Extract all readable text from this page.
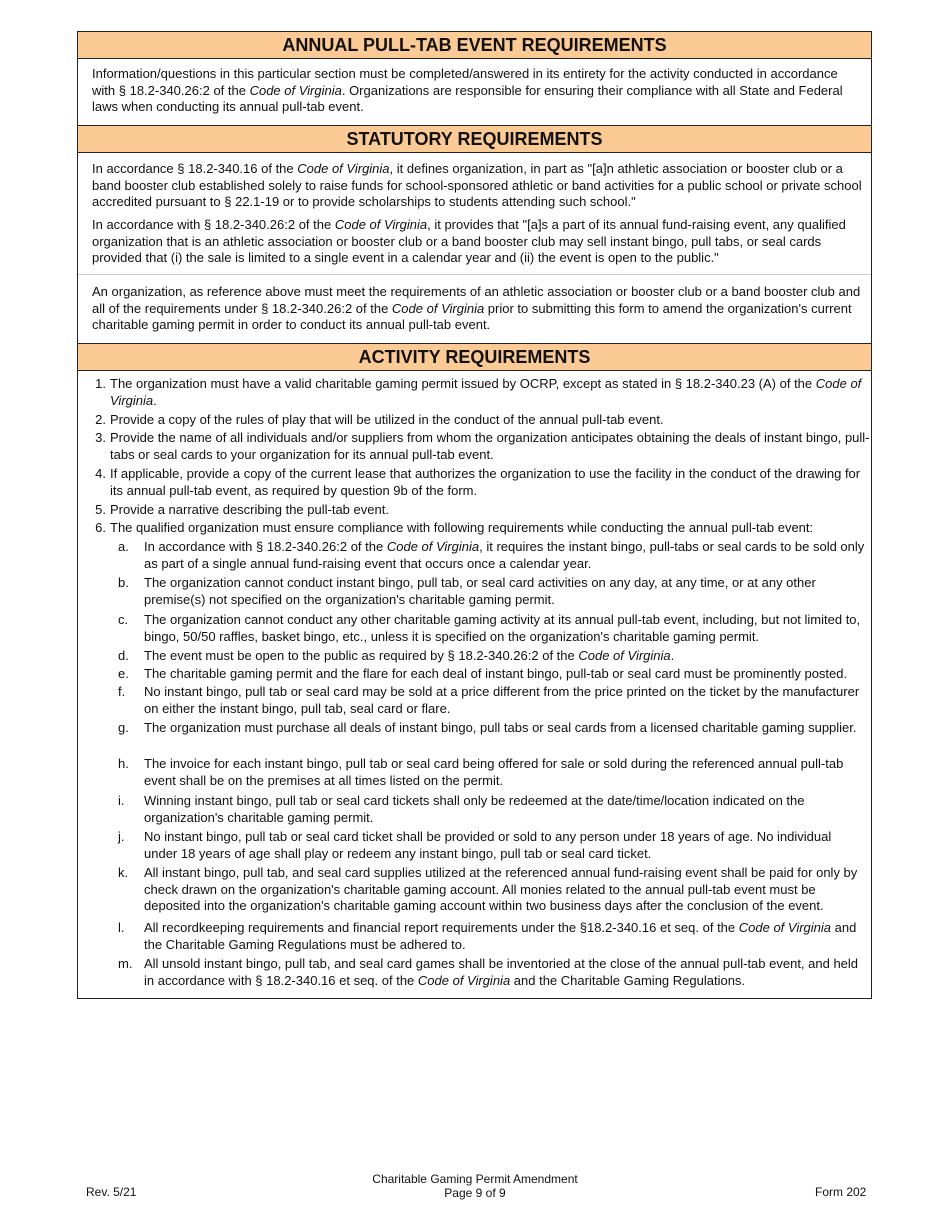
ANNUAL PULL-TAB EVENT REQUIREMENTS
Information/questions in this particular section must be completed/answered in its entirety for the activity conducted in accordance with § 18.2-340.26:2 of the Code of Virginia. Organizations are responsible for ensuring their compliance with all State and Federal laws when conducting its annual pull-tab event.
STATUTORY REQUIREMENTS
In accordance § 18.2-340.16 of the Code of Virginia, it defines organization, in part as "[a]n athletic association or booster club or a band booster club established solely to raise funds for school-sponsored athletic or band activities for a public school or private school accredited pursuant to § 22.1-19 or to provide scholarships to students attending such school."
In accordance with § 18.2-340.26:2 of the Code of Virginia, it provides that "[a]s a part of its annual fund-raising event, any qualified organization that is an athletic association or booster club or a band booster club may sell instant bingo, pull tabs, or seal cards provided that (i) the sale is limited to a single event in a calendar year and (ii) the event is open to the public."
An organization, as reference above must meet the requirements of an athletic association or booster club or a band booster club and all of the requirements under § 18.2-340.26:2 of the Code of Virginia prior to submitting this form to amend the organization's current charitable gaming permit in order to conduct its annual pull-tab event.
ACTIVITY REQUIREMENTS
1. The organization must have a valid charitable gaming permit issued by OCRP, except as stated in § 18.2-340.23 (A) of the Code of Virginia.
2. Provide a copy of the rules of play that will be utilized in the conduct of the annual pull-tab event.
3. Provide the name of all individuals and/or suppliers from whom the organization anticipates obtaining the deals of instant bingo, pull-tabs or seal cards to your organization for its annual pull-tab event.
4. If applicable, provide a copy of the current lease that authorizes the organization to use the facility in the conduct of the drawing for its annual pull-tab event, as required by question 9b of the form.
5. Provide a narrative describing the pull-tab event.
6. The qualified organization must ensure compliance with following requirements while conducting the annual pull-tab event:
a. In accordance with § 18.2-340.26:2 of the Code of Virginia, it requires the instant bingo, pull-tabs or seal cards to be sold only as part of a single annual fund-raising event that occurs once a calendar year.
b. The organization cannot conduct instant bingo, pull tab, or seal card activities on any day, at any time, or at any other premise(s) not specified on the organization's charitable gaming permit.
c. The organization cannot conduct any other charitable gaming activity at its annual pull-tab event, including, but not limited to, bingo, 50/50 raffles, basket bingo, etc., unless it is specified on the organization's charitable gaming permit.
d. The event must be open to the public as required by § 18.2-340.26:2 of the Code of Virginia.
e. The charitable gaming permit and the flare for each deal of instant bingo, pull-tab or seal card must be prominently posted.
f. No instant bingo, pull tab or seal card may be sold at a price different from the price printed on the ticket by the manufacturer on either the instant bingo, pull tab, seal card or flare.
g. The organization must purchase all deals of instant bingo, pull tabs or seal cards from a licensed charitable gaming supplier.
h. The invoice for each instant bingo, pull tab or seal card being offered for sale or sold during the referenced annual pull-tab event shall be on the premises at all times listed on the permit.
i. Winning instant bingo, pull tab or seal card tickets shall only be redeemed at the date/time/location indicated on the organization's charitable gaming permit.
j. No instant bingo, pull tab or seal card ticket shall be provided or sold to any person under 18 years of age. No individual under 18 years of age shall play or redeem any instant bingo, pull tab or seal card ticket.
k. All instant bingo, pull tab, and seal card supplies utilized at the referenced annual fund-raising event shall be paid for only by check drawn on the organization's charitable gaming account. All monies related to the annual pull-tab event must be deposited into the organization's charitable gaming account within two business days after the conclusion of the event.
l. All recordkeeping requirements and financial report requirements under the §18.2-340.16 et seq. of the Code of Virginia and the Charitable Gaming Regulations must be adhered to.
m. All unsold instant bingo, pull tab, and seal card games shall be inventoried at the close of the annual pull-tab event, and held in accordance with § 18.2-340.16 et seq. of the Code of Virginia and the Charitable Gaming Regulations.
Rev. 5/21
Charitable Gaming Permit Amendment
Page 9 of 9	Form 202
